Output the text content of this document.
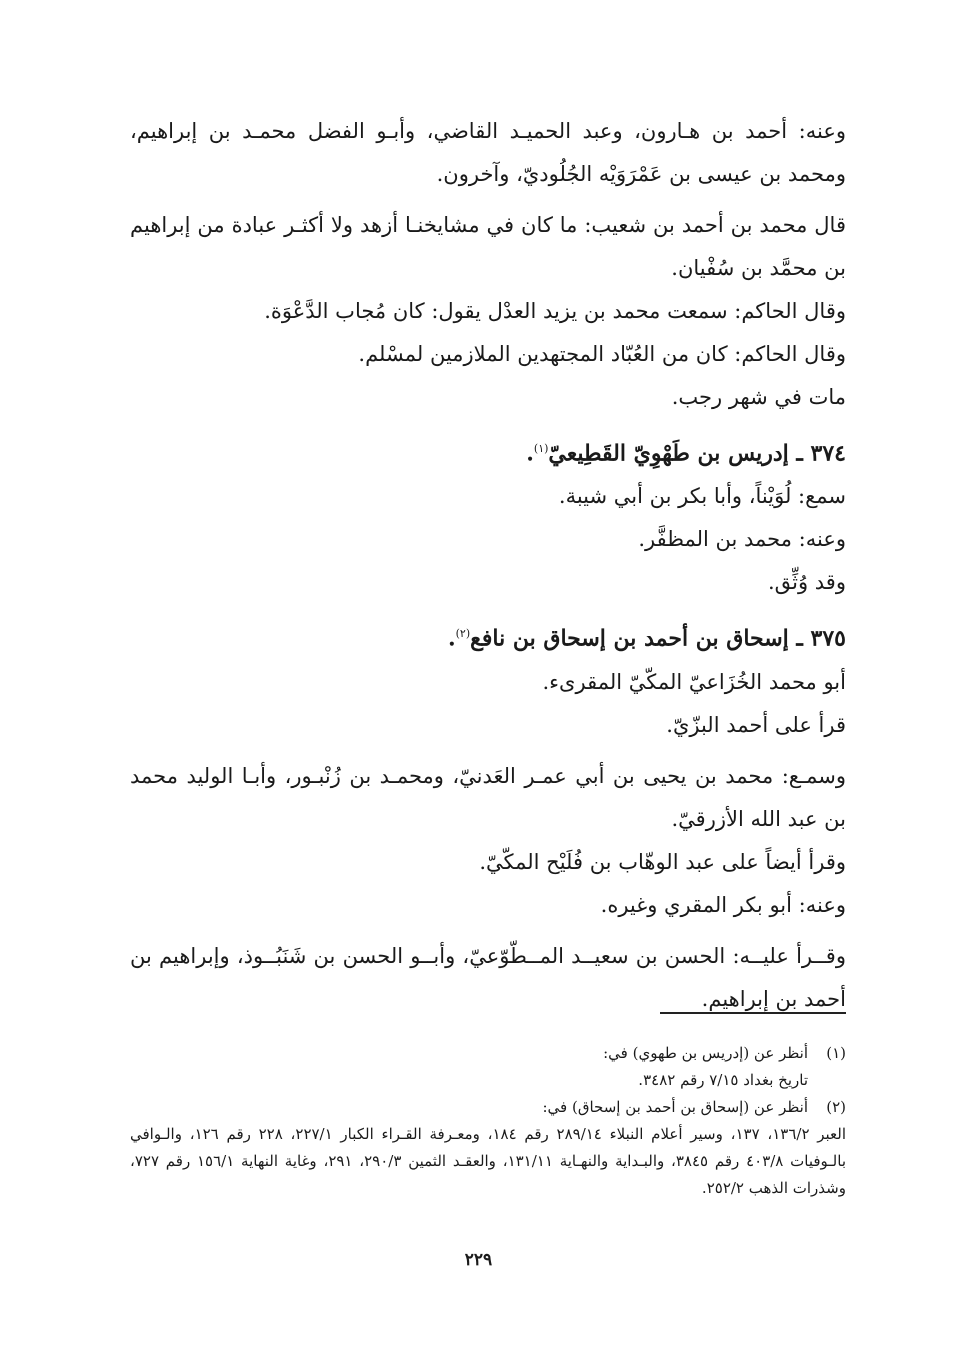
وعنه: أحمد بن هـارون، وعبد الحميـد القاضي، وأبـو الفضل محمـد بن إبراهيم، ومحمد بن عيسى بن عَمْرَوَيْه الجُلُوديّ، وآخرون.

قال محمد بن أحمد بن شعيب: ما كان في مشايخنـا أزهد ولا أكثـر عبادة من إبراهيم بن محمَّد بن سُفْيان.

وقال الحاكم: سمعت محمد بن يزيد العدْل يقول: كان مُجاب الدَّعْوَة.

وقال الحاكم: كان من العُبّاد المجتهدين الملازمين لمسْلم.

مات في شهر رجب.

٣٧٤ ـ إدريس بن طَهْوِيّ القَطِيعيّ$^{(١)}$.

سمع: لُوَيْناً، وأبا بكر بن أبي شيبة.

وعنه: محمد بن المظفَّر.

وقد وُثِّق.

٣٧٥ ـ إسحاق بن أحمد بن إسحاق بن نافع$^{(٢)}$.

أبو محمد الخُزَاعيّ المكّيّ المقرىء.

قرأ على أحمد البزّيّ.

وسمـع: محمد بن يحيى بن أبي عمـر العَدنيّ، ومحمـد بن زُنْبـور، وأبـا الوليد محمد بن عبد الله الأزرقيّ.

وقرأ أيضاً على عبد الوهّاب بن فُلَيْح المكّيّ.

وعنه: أبو بكر المقري وغيره.

وقــرأ عليــه: الحسن بن سعيــد المــطّوّعيّ، وأبــو الحسن بن شَنَبُــوذ، وإبراهيم بن أحمد بن إبراهيم.

(١)
أنظر عن (إدريس بن طهوي) في:
تاريخ بغداد ٧/١٥ رقم ٣٤٨٢.
(٢)
أنظر عن (إسحاق بن أحمد بن إسحاق) في:
العبر ١٣٦/٢، ١٣٧، وسير أعلام النبلاء ٢٨٩/١٤ رقم ١٨٤، ومعـرفة القـراء الكبار ٢٢٧/١، ٢٢٨ رقم ١٢٦، والـوافي بالـوفيات ٤٠٣/٨ رقم ٣٨٤٥، والبـداية والنهـاية ١٣١/١١، والعقـد الثمين ٢٩٠/٣، ٢٩١، وغاية النهاية ١٥٦/١ رقم ٧٢٧، وشذرات الذهب ٢٥٢/٢.
٢٢٩
